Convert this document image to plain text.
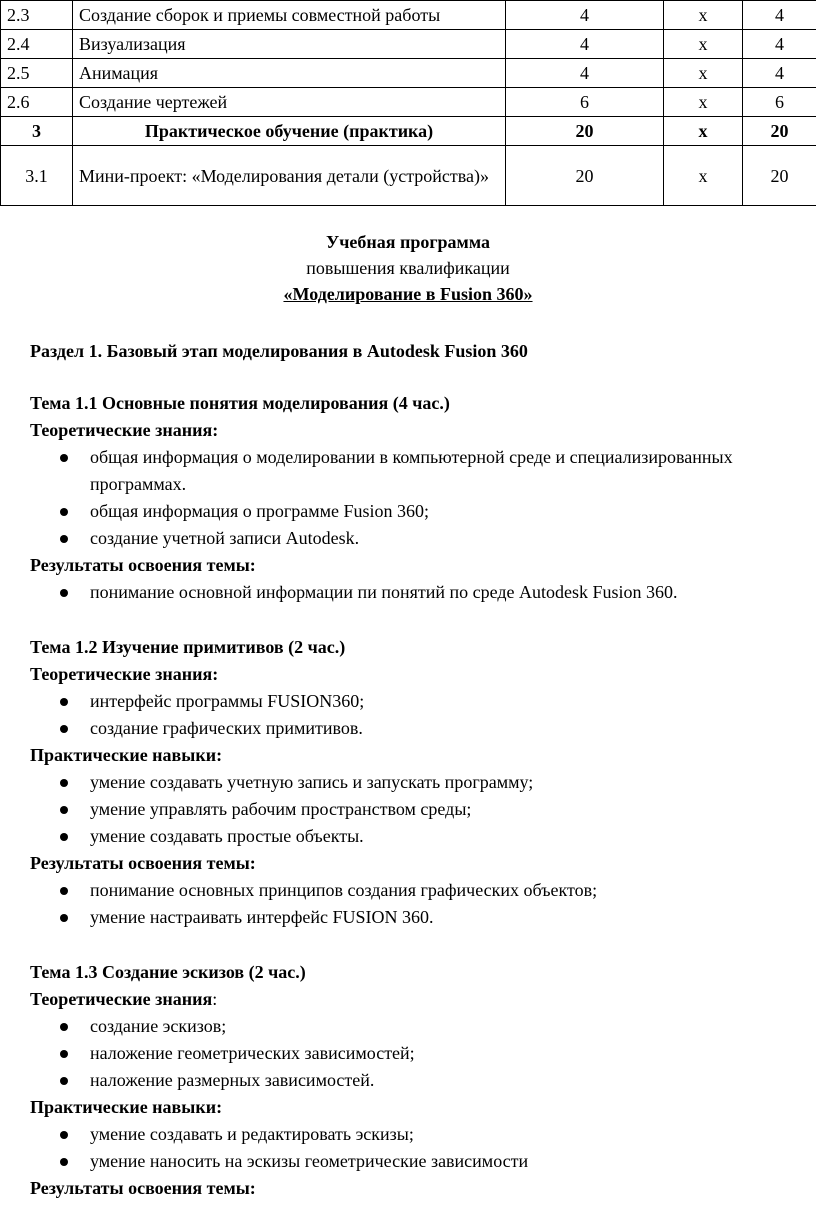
2.3	Создание сборок и приемы совместной работы	4	х	4
2.4	Визуализация	4	х	4
2.5	Анимация	4	х	4
2.6	Создание чертежей	6	х	6
3	Практическое обучение (практика)	20	х	20
3.1	Мини-проект: «Моделирования детали (устройства)»	20	х	20
Учебная программа
повышения квалификации
«Моделирование в Fusion 360»
Раздел 1. Базовый этап моделирования в Autodesk Fusion 360
Тема 1.1 Основные понятия моделирования (4 час.)
Теоретические знания:
общая информация о моделировании в компьютерной среде и специализированных программах.
общая информация о программе Fusion 360;
создание учетной записи Autodesk.
Результаты освоения темы:
понимание основной информации пи понятий по среде Autodesk Fusion 360.
Тема 1.2 Изучение примитивов (2 час.)
Теоретические знания:
интерфейс программы FUSION360;
создание графических примитивов.
Практические навыки:
умение создавать учетную запись и запускать программу;
умение управлять рабочим пространством среды;
умение создавать простые объекты.
Результаты освоения темы:
понимание основных принципов создания графических объектов;
умение настраивать интерфейс FUSION 360.
Тема 1.3 Создание эскизов (2 час.)
Теоретические знания:
создание эскизов;
наложение геометрических зависимостей;
наложение размерных зависимостей.
Практические навыки:
умение создавать и редактировать эскизы;
умение наносить на эскизы геометрические зависимости
Результаты освоения темы:
